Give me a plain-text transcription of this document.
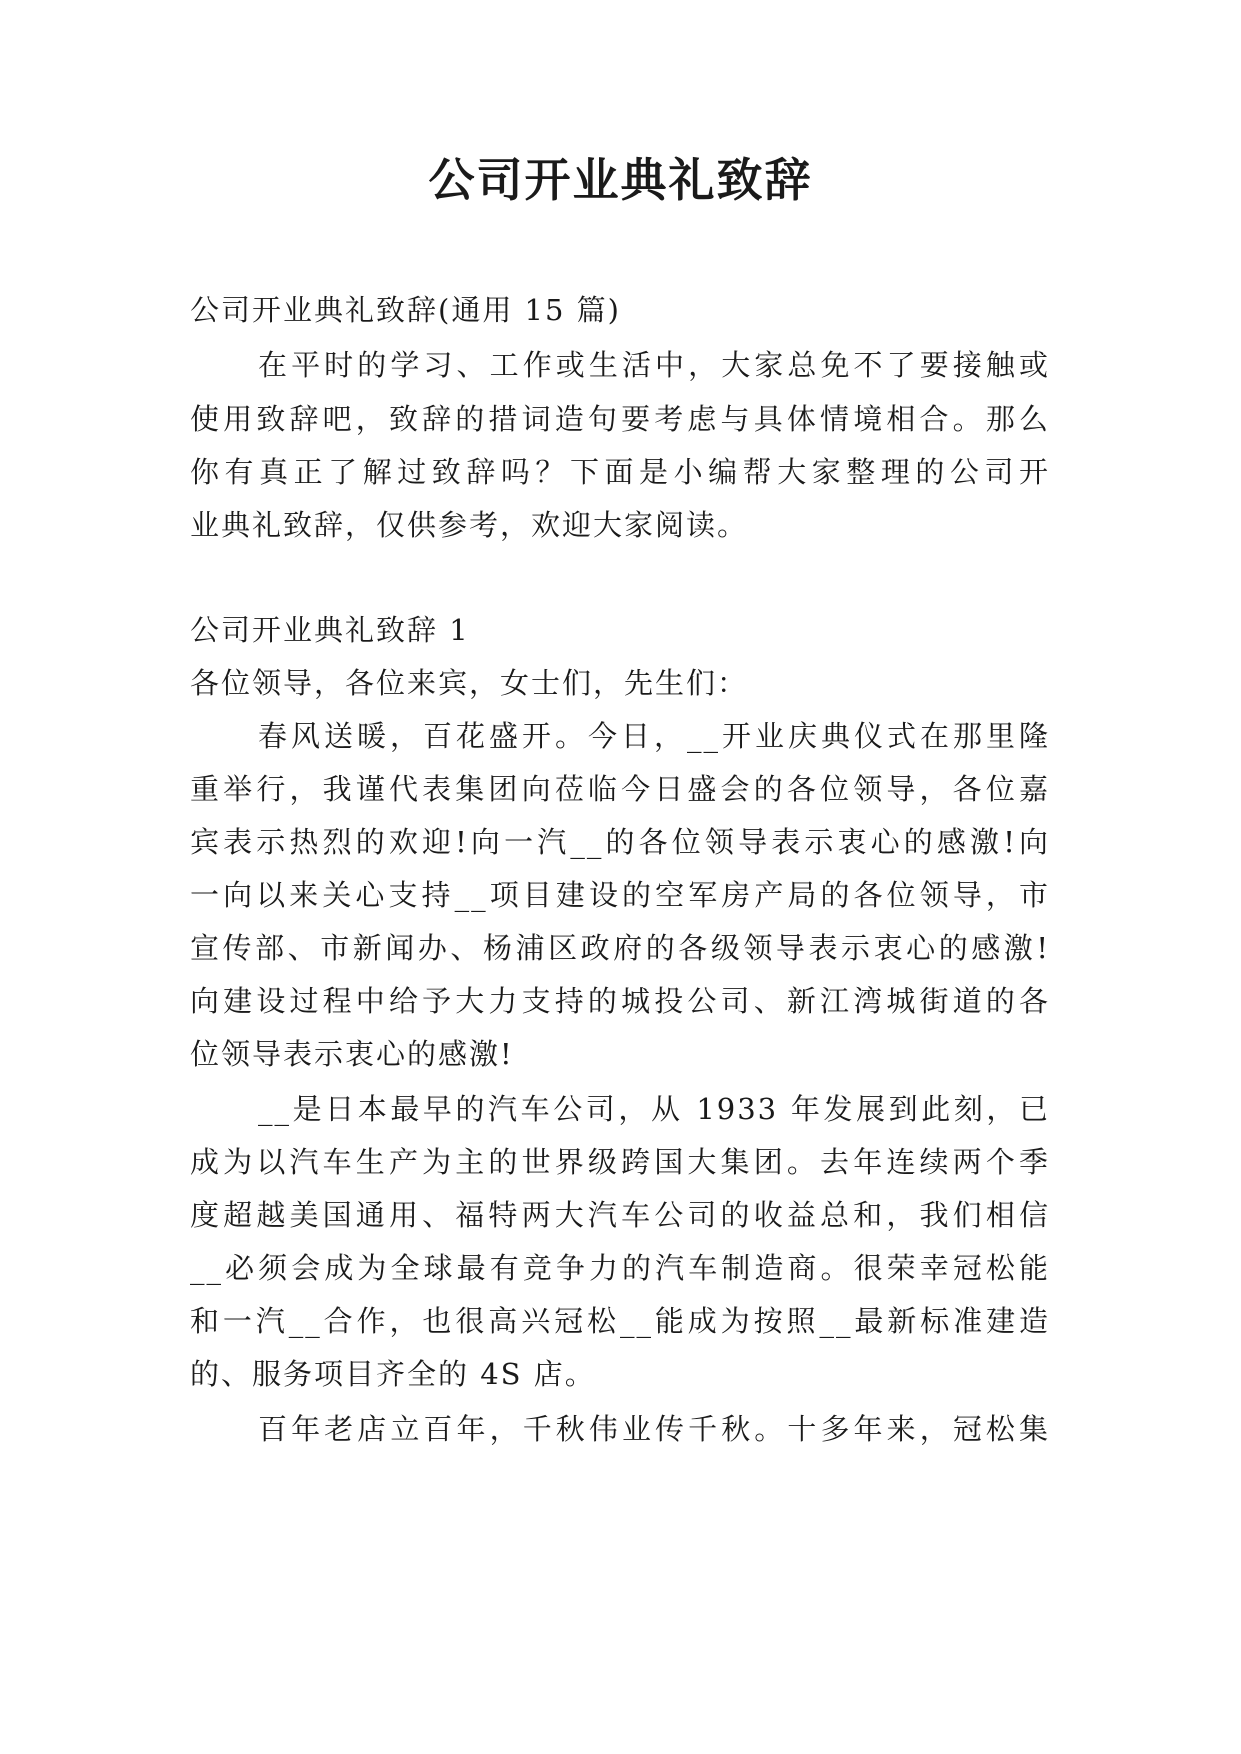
公司开业典礼致辞
公司开业典礼致辞(通用 15 篇)
在平时的学习、工作或生活中，大家总免不了要接触或
使用致辞吧，致辞的措词造句要考虑与具体情境相合。那么
你有真正了解过致辞吗？下面是小编帮大家整理的公司开
业典礼致辞，仅供参考，欢迎大家阅读。
公司开业典礼致辞 1
各位领导，各位来宾，女士们，先生们：
春风送暖，百花盛开。今日，__开业庆典仪式在那里隆
重举行，我谨代表集团向莅临今日盛会的各位领导，各位嘉
宾表示热烈的欢迎!向一汽__的各位领导表示衷心的感激!向
一向以来关心支持__项目建设的空军房产局的各位领导，市
宣传部、市新闻办、杨浦区政府的各级领导表示衷心的感激!
向建设过程中给予大力支持的城投公司、新江湾城街道的各
位领导表示衷心的感激!
__是日本最早的汽车公司，从 1933 年发展到此刻，已
成为以汽车生产为主的世界级跨国大集团。去年连续两个季
度超越美国通用、福特两大汽车公司的收益总和，我们相信
__必须会成为全球最有竞争力的汽车制造商。很荣幸冠松能
和一汽__合作，也很高兴冠松__能成为按照__最新标准建造
的、服务项目齐全的 4S 店。
百年老店立百年，千秋伟业传千秋。十多年来，冠松集
